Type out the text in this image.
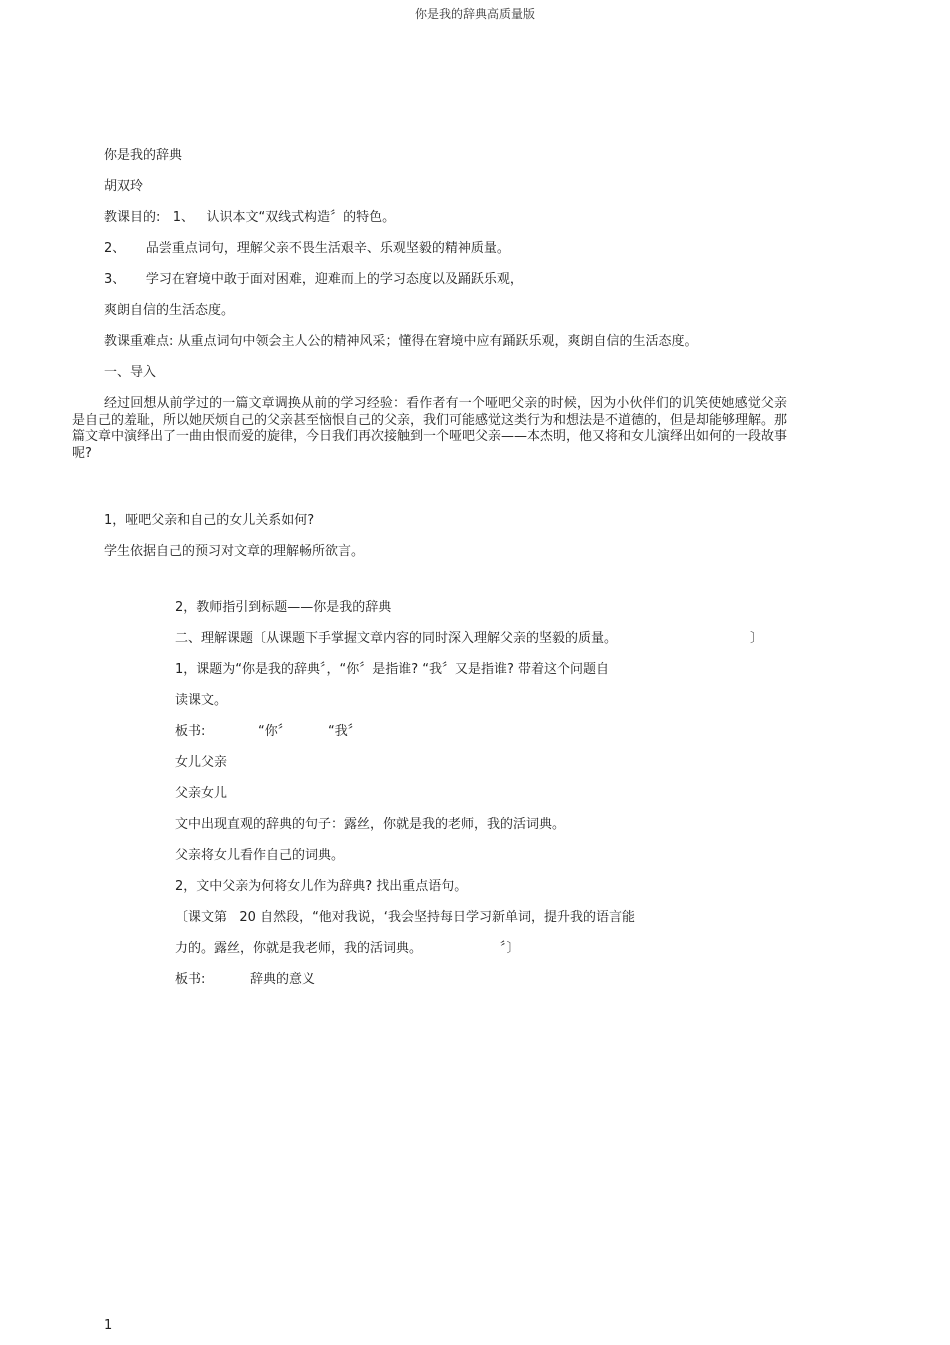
你是我的辞典高质量版
你是我的辞典
胡双玲
教课目的:   1、   认识本文“双线式构造〞的特色。
2、     品尝重点词句，理解父亲不畏生活艰辛、乐观坚毅的精神质量。
3、     学习在窘境中敢于面对困难，迎难而上的学习态度以及踊跃乐观，
爽朗自信的生活态度。
教课重难点: 从重点词句中领会主人公的精神风采；懂得在窘境中应有踊跃乐观，爽朗自信的生活态度。
一、导入
经过回想从前学过的一篇文章调换从前的学习经验：看作者有一个哑吧父亲的时候，因为小伙伴们的讥笑使她感觉父亲是自己的羞耻，所以她厌烦自己的父亲甚至恼恨自己的父亲，我们可能感觉这类行为和想法是不道德的，但是却能够理解。那篇文章中演绎出了一曲由恨而爱的旋律，今日我们再次接触到一个哑吧父亲——本杰明，他又将和女儿演绎出如何的一段故事呢?
1，哑吧父亲和自己的女儿关系如何?
学生依据自己的预习对文章的理解畅所欲言。
2，教师指引到标题——你是我的辞典
二、理解课题〔从课题下手掌握文章内容的同时深入理解父亲的坚毅的质量。	〕
1，课题为“你是我的辞典〞，“你〞是指谁? “我〞又是指谁? 带着这个问题自
读课文。
板书:	“你〞	“我〞
女儿父亲
父亲女儿
文中出现直观的辞典的句子：露丝，你就是我的老师，我的活词典。
父亲将女儿看作自己的词典。
2，文中父亲为何将女儿作为辞典? 找出重点语句。
〔课文第   20 自然段，“他对我说，‘我会坚持每日学习新单词，提升我的语言能
力的。露丝，你就是我老师，我的活词典。	〞〕
板书:	辞典的意义
1
